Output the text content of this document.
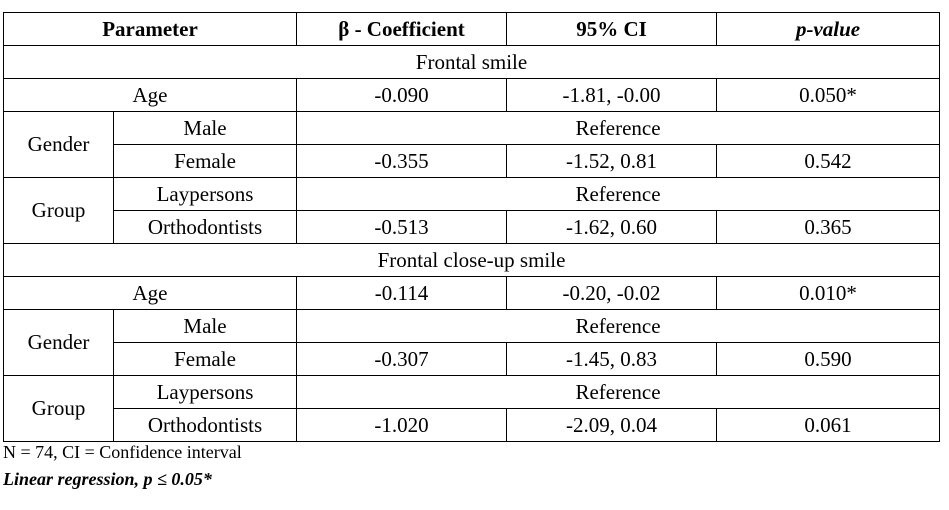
Parameter		β - Coefficient	95% CI	p-value
Frontal smile				
Age		-0.090	-1.81, -0.00	0.050*
Gender	Male	Reference		
	Female	-0.355	-1.52, 0.81	0.542
Group	Laypersons	Reference		
	Orthodontists	-0.513	-1.62, 0.60	0.365
Frontal close-up smile				
Age		-0.114	-0.20, -0.02	0.010*
Gender	Male	Reference		
	Female	-0.307	-1.45, 0.83	0.590
Group	Laypersons	Reference		
	Orthodontists	-1.020	-2.09, 0.04	0.061
N = 74, CI = Confidence interval
Linear regression, p ≤ 0.05*
